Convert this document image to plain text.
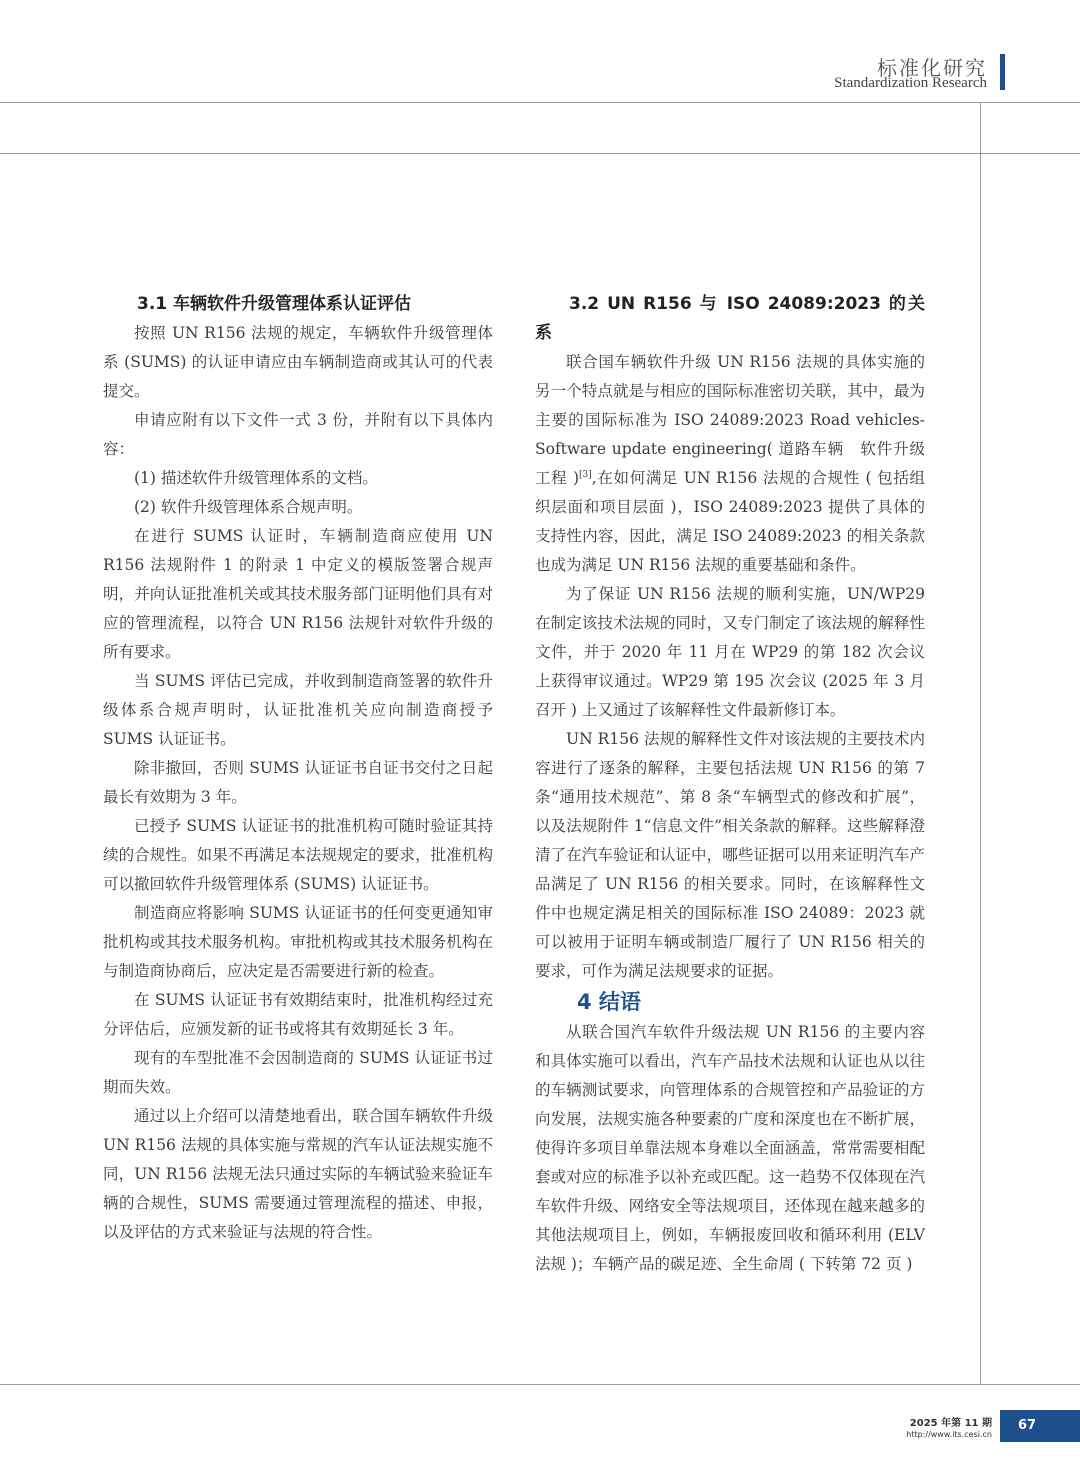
标准化研究
Standardization Research

3.1 车辆软件升级管理体系认证评估

按照 UN R156 法规的规定，车辆软件升级管理体系 (SUMS) 的认证申请应由车辆制造商或其认可的代表提交。

申请应附有以下文件一式 3 份，并附有以下具体内容：

(1) 描述软件升级管理体系的文档。

(2) 软件升级管理体系合规声明。

在进行 SUMS 认证时，车辆制造商应使用 UN R156 法规附件 1 的附录 1 中定义的模版签署合规声明，并向认证批准机关或其技术服务部门证明他们具有对应的管理流程，以符合 UN R156 法规针对软件升级的所有要求。

当 SUMS 评估已完成，并收到制造商签署的软件升级体系合规声明时，认证批准机关应向制造商授予 SUMS 认证证书。

除非撤回，否则 SUMS 认证证书自证书交付之日起最长有效期为 3 年。

已授予 SUMS 认证证书的批准机构可随时验证其持续的合规性。如果不再满足本法规规定的要求，批准机构可以撤回软件升级管理体系 (SUMS) 认证证书。

制造商应将影响 SUMS 认证证书的任何变更通知审批机构或其技术服务机构。审批机构或其技术服务机构在与制造商协商后，应决定是否需要进行新的检查。

在 SUMS 认证证书有效期结束时，批准机构经过充分评估后，应颁发新的证书或将其有效期延长 3 年。

现有的车型批准不会因制造商的 SUMS 认证证书过期而失效。

通过以上介绍可以清楚地看出，联合国车辆软件升级 UN R156 法规的具体实施与常规的汽车认证法规实施不同，UN R156 法规无法只通过实际的车辆试验来验证车辆的合规性，SUMS 需要通过管理流程的描述、申报，以及评估的方式来验证与法规的符合性。

3.2 UN R156 与 ISO 24089:2023 的关系

联合国车辆软件升级 UN R156 法规的具体实施的另一个特点就是与相应的国际标准密切关联，其中，最为主要的国际标准为 ISO 24089:2023 Road vehicles-Software update engineering( 道路车辆　软件升级工程 )[3],在如何满足 UN R156 法规的合规性 ( 包括组织层面和项目层面 )，ISO 24089:2023 提供了具体的支持性内容，因此，满足 ISO 24089:2023 的相关条款也成为满足 UN R156 法规的重要基础和条件。

为了保证 UN R156 法规的顺利实施，UN/WP29 在制定该技术法规的同时，又专门制定了该法规的解释性文件，并于 2020 年 11 月在 WP29 的第 182 次会议上获得审议通过。WP29 第 195 次会议 (2025 年 3 月召开 ) 上又通过了该解释性文件最新修订本。

UN R156 法规的解释性文件对该法规的主要技术内容进行了逐条的解释，主要包括法规 UN R156 的第 7 条“通用技术规范”、第 8 条“车辆型式的修改和扩展”，以及法规附件 1“信息文件”相关条款的解释。这些解释澄清了在汽车验证和认证中，哪些证据可以用来证明汽车产品满足了 UN R156 的相关要求。同时，在该解释性文件中也规定满足相关的国际标准 ISO 24089：2023 就可以被用于证明车辆或制造厂履行了 UN R156 相关的要求，可作为满足法规要求的证据。

4 结语

从联合国汽车软件升级法规 UN R156 的主要内容和具体实施可以看出，汽车产品技术法规和认证也从以往的车辆测试要求，向管理体系的合规管控和产品验证的方向发展，法规实施各种要素的广度和深度也在不断扩展，使得许多项目单靠法规本身难以全面涵盖，常常需要相配套或对应的标准予以补充或匹配。这一趋势不仅体现在汽车软件升级、网络安全等法规项目，还体现在越来越多的其他法规项目上，例如，车辆报废回收和循环利用 (ELV 法规 )；车辆产品的碳足迹、全生命周 ( 下转第 72 页 )

2025 年第 11 期
http://www.its.cesi.cn
67
